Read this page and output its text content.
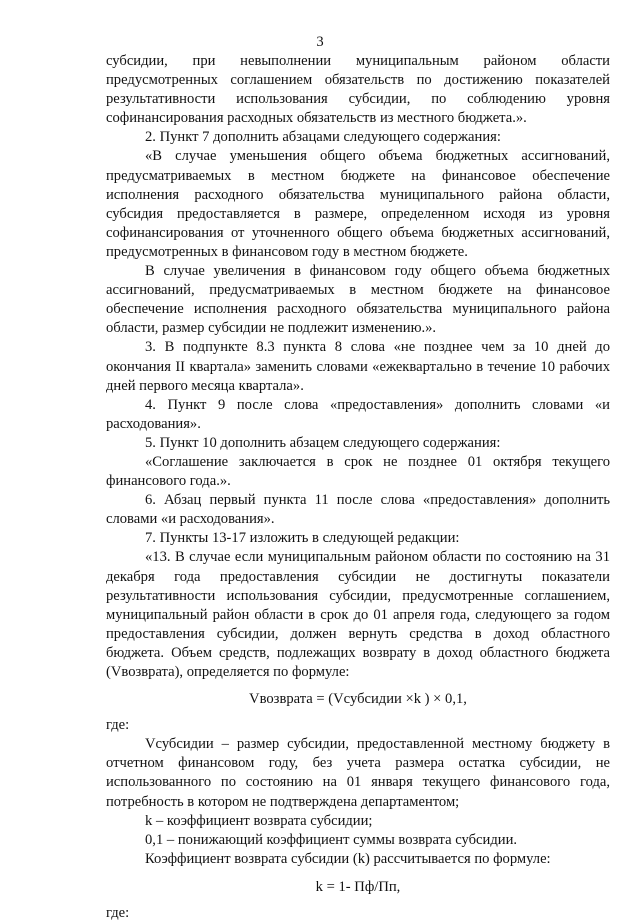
3

субсидии, при невыполнении муниципальным районом области предусмотренных соглашением обязательств по достижению показателей результативности использования субсидии, по соблюдению уровня софинансирования расходных обязательств из местного бюджета.».

2. Пункт 7 дополнить абзацами следующего содержания:

«В случае уменьшения общего объема бюджетных ассигнований, предусматриваемых в местном бюджете на финансовое обеспечение исполнения расходного обязательства муниципального района области, субсидия предоставляется в размере, определенном исходя из уровня софинансирования от уточненного общего объема бюджетных ассигнований, предусмотренных в финансовом году в местном бюджете.

В случае увеличения в финансовом году общего объема бюджетных ассигнований, предусматриваемых в местном бюджете на финансовое обеспечение исполнения расходного обязательства муниципального района области, размер субсидии не подлежит изменению.».

3. В подпункте 8.3 пункта 8 слова «не позднее чем за 10 дней до окончания II квартала» заменить словами «ежеквартально в течение 10 рабочих дней первого месяца квартала».

4. Пункт 9 после слова «предоставления» дополнить словами «и расходования».

5. Пункт 10 дополнить абзацем следующего содержания:

«Соглашение заключается в срок не позднее 01 октября текущего финансового года.».

6. Абзац первый пункта 11 после слова «предоставления» дополнить словами «и расходования».

7. Пункты 13-17 изложить в следующей редакции:

«13. В случае если муниципальным районом области по состоянию на 31 декабря года предоставления субсидии не достигнуты показатели результативности использования субсидии, предусмотренные соглашением, муниципальный район области в срок до 01 апреля года, следующего за годом предоставления субсидии, должен вернуть средства в доход областного бюджета. Объем средств, подлежащих возврату в доход областного бюджета (Vвозврата), определяется по формуле:

Vвозврата = (Vсубсидии ×k ) × 0,1,

где:

Vсубсидии – размер субсидии, предоставленной местному бюджету в отчетном финансовом году, без учета размера остатка субсидии, не использованного по состоянию на 01 января текущего финансового года, потребность в котором не подтверждена департаментом;

k – коэффициент возврата субсидии;

0,1 – понижающий коэффициент суммы возврата субсидии.

Коэффициент возврата субсидии (k) рассчитывается по формуле:

k = 1- Пф/Пп,

где:
